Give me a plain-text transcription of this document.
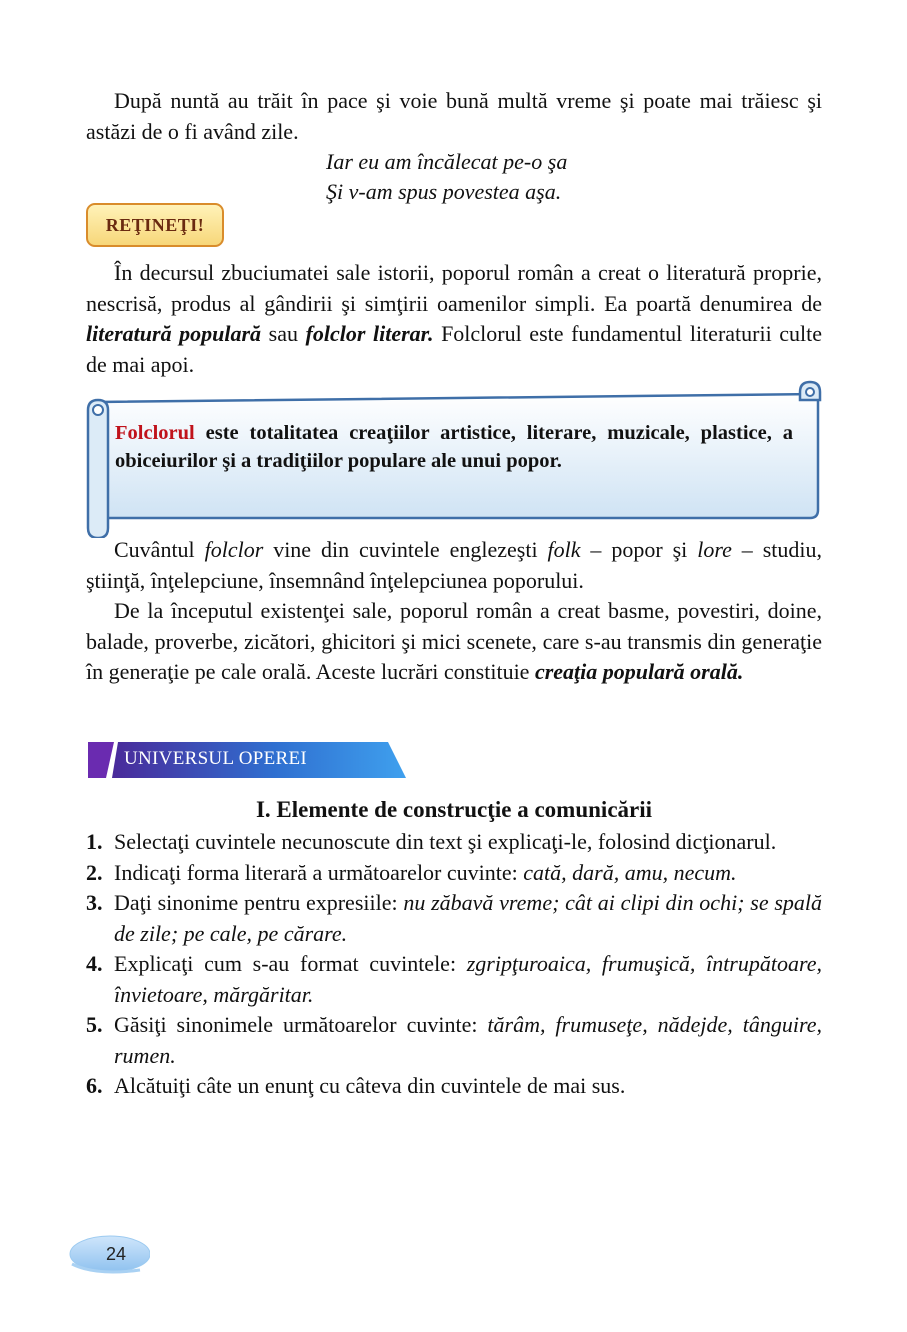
După nuntă au trăit în pace şi voie bună multă vreme şi poate mai trăiesc şi astăzi de o fi având zile.

Iar eu am încălecat pe-o şa

Şi v-am spus povestea aşa.

REŢINEŢI!

În decursul zbuciumatei sale istorii, poporul român a creat o literatură proprie, nescrisă, produs al gândirii şi simţirii oamenilor simpli. Ea poartă denumirea de literatură populară sau folclor literar. Folclorul este fundamentul literaturii culte de mai apoi.

Folclorul este totalitatea creaţiilor artistice, literare, muzicale, plastice, a obiceiurilor şi a tradiţiilor populare ale unui popor.

Cuvântul folclor vine din cuvintele englezeşti folk – popor şi lore – studiu, ştiinţă, înţelepciune, însemnând înţelepciunea poporului.

De la începutul existenţei sale, poporul român a creat basme, povestiri, doine, balade, proverbe, zicători, ghicitori şi mici scenete, care s-au transmis din generaţie în generaţie pe cale orală. Aceste lucrări constituie creaţia populară orală.

UNIVERSUL OPEREI
I. Elemente de construcţie a comunicării
1. Selectaţi cuvintele necunoscute din text şi explicaţi-le, folosind dicţionarul.
2. Indicaţi forma literară a următoarelor cuvinte: cată, dară, amu, necum.
3. Daţi sinonime pentru expresiile: nu zăbavă vreme; cât ai clipi din ochi; se spală de zile; pe cale, pe cărare.
4. Explicaţi cum s-au format cuvintele: zgripţuroaica, frumuşică, întrupătoare, învietoare, mărgăritar.
5. Găsiţi sinonimele următoarelor cuvinte: tărâm, frumuseţe, nădejde, tânguire, rumen.
6. Alcătuiţi câte un enunţ cu câteva din cuvintele de mai sus.
24
